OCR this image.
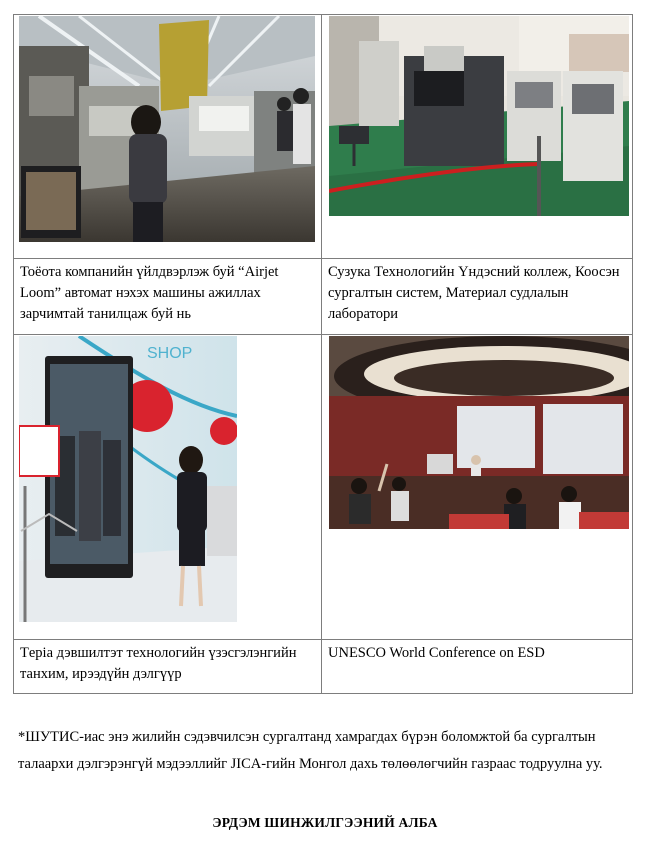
Тоёота компанийн үйлдвэрлэж буй “Airjet Loom” автомат нэхэх машины ажиллах зарчимтай танилцаж буй нь
Сузука Технологийн Үндэсний коллеж, Коосэн сургалтын систем, Материал судлалын лаборатори
SHOP
Тeрia дэвшилтэт технологийн үзэсгэлэнгийн танхим, ирээдүйн дэлгүүр
UNESCO World Conference on ESD
*ШУТИС-иас энэ жилийн сэдэвчилсэн сургалтанд хамрагдах бүрэн боломжтой ба сургалтын талаархи дэлгэрэнгүй мэдээллийг JICA-гийн Монгол дахь төлөөлөгчийн газраас тодруулна уу.
ЭРДЭМ ШИНЖИЛГЭЭНИЙ АЛБА
